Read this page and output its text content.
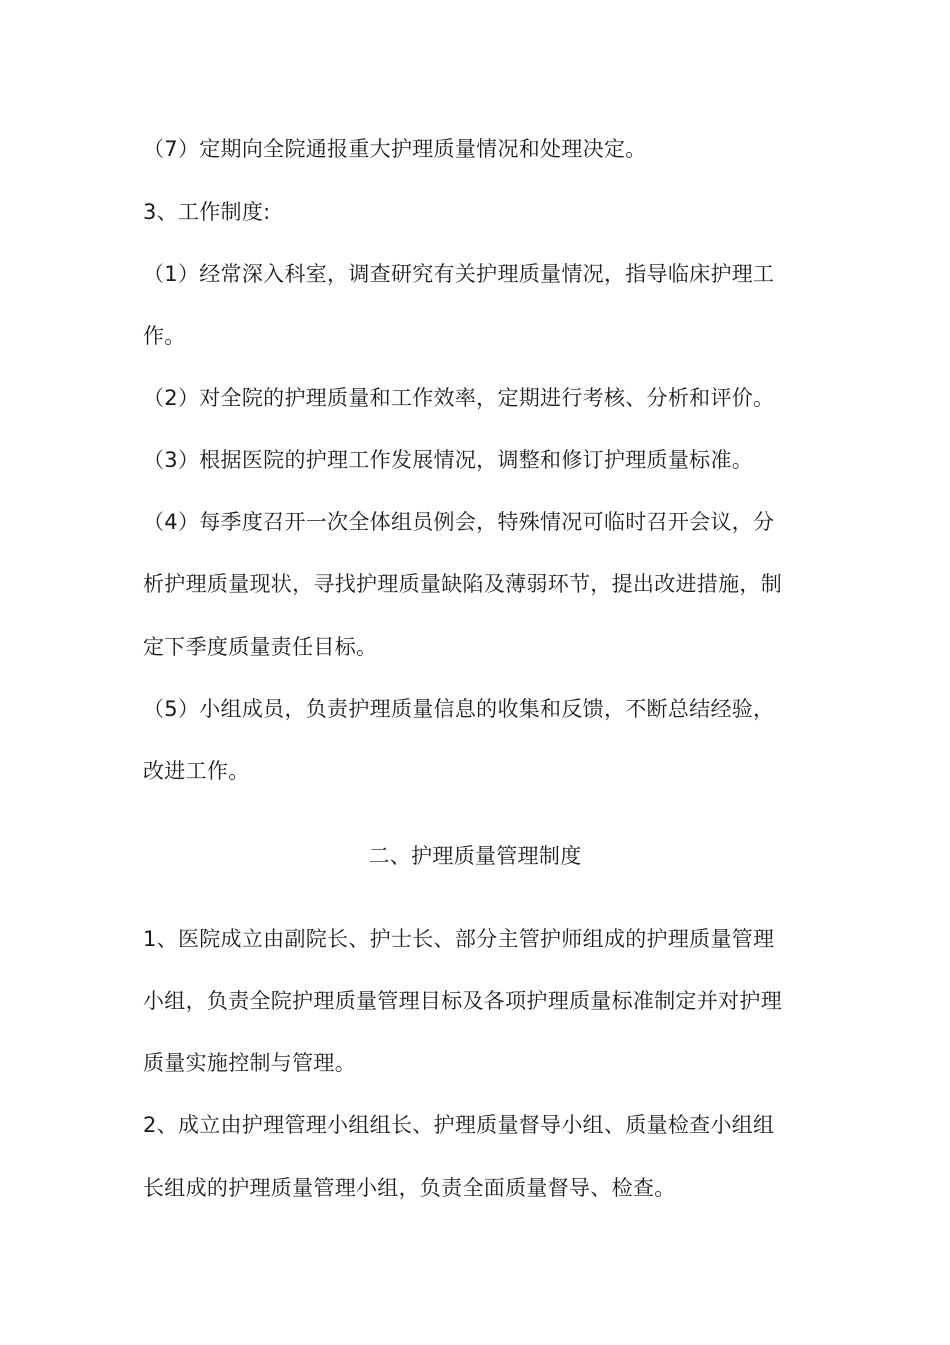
（7）定期向全院通报重大护理质量情况和处理决定。
3、工作制度:
（1）经常深入科室，调查研究有关护理质量情况，指导临床护理工
作。
（2）对全院的护理质量和工作效率，定期进行考核、分析和评价。
（3）根据医院的护理工作发展情况，调整和修订护理质量标准。
（4）每季度召开一次全体组员例会，特殊情况可临时召开会议，分
析护理质量现状，寻找护理质量缺陷及薄弱环节，提出改进措施，制
定下季度质量责任目标。
（5）小组成员，负责护理质量信息的收集和反馈，不断总结经验，
改进工作。
二、护理质量管理制度
1、医院成立由副院长、护士长、部分主管护师组成的护理质量管理
小组，负责全院护理质量管理目标及各项护理质量标准制定并对护理
质量实施控制与管理。
2、成立由护理管理小组组长、护理质量督导小组、质量检查小组组
长组成的护理质量管理小组，负责全面质量督导、检查。
